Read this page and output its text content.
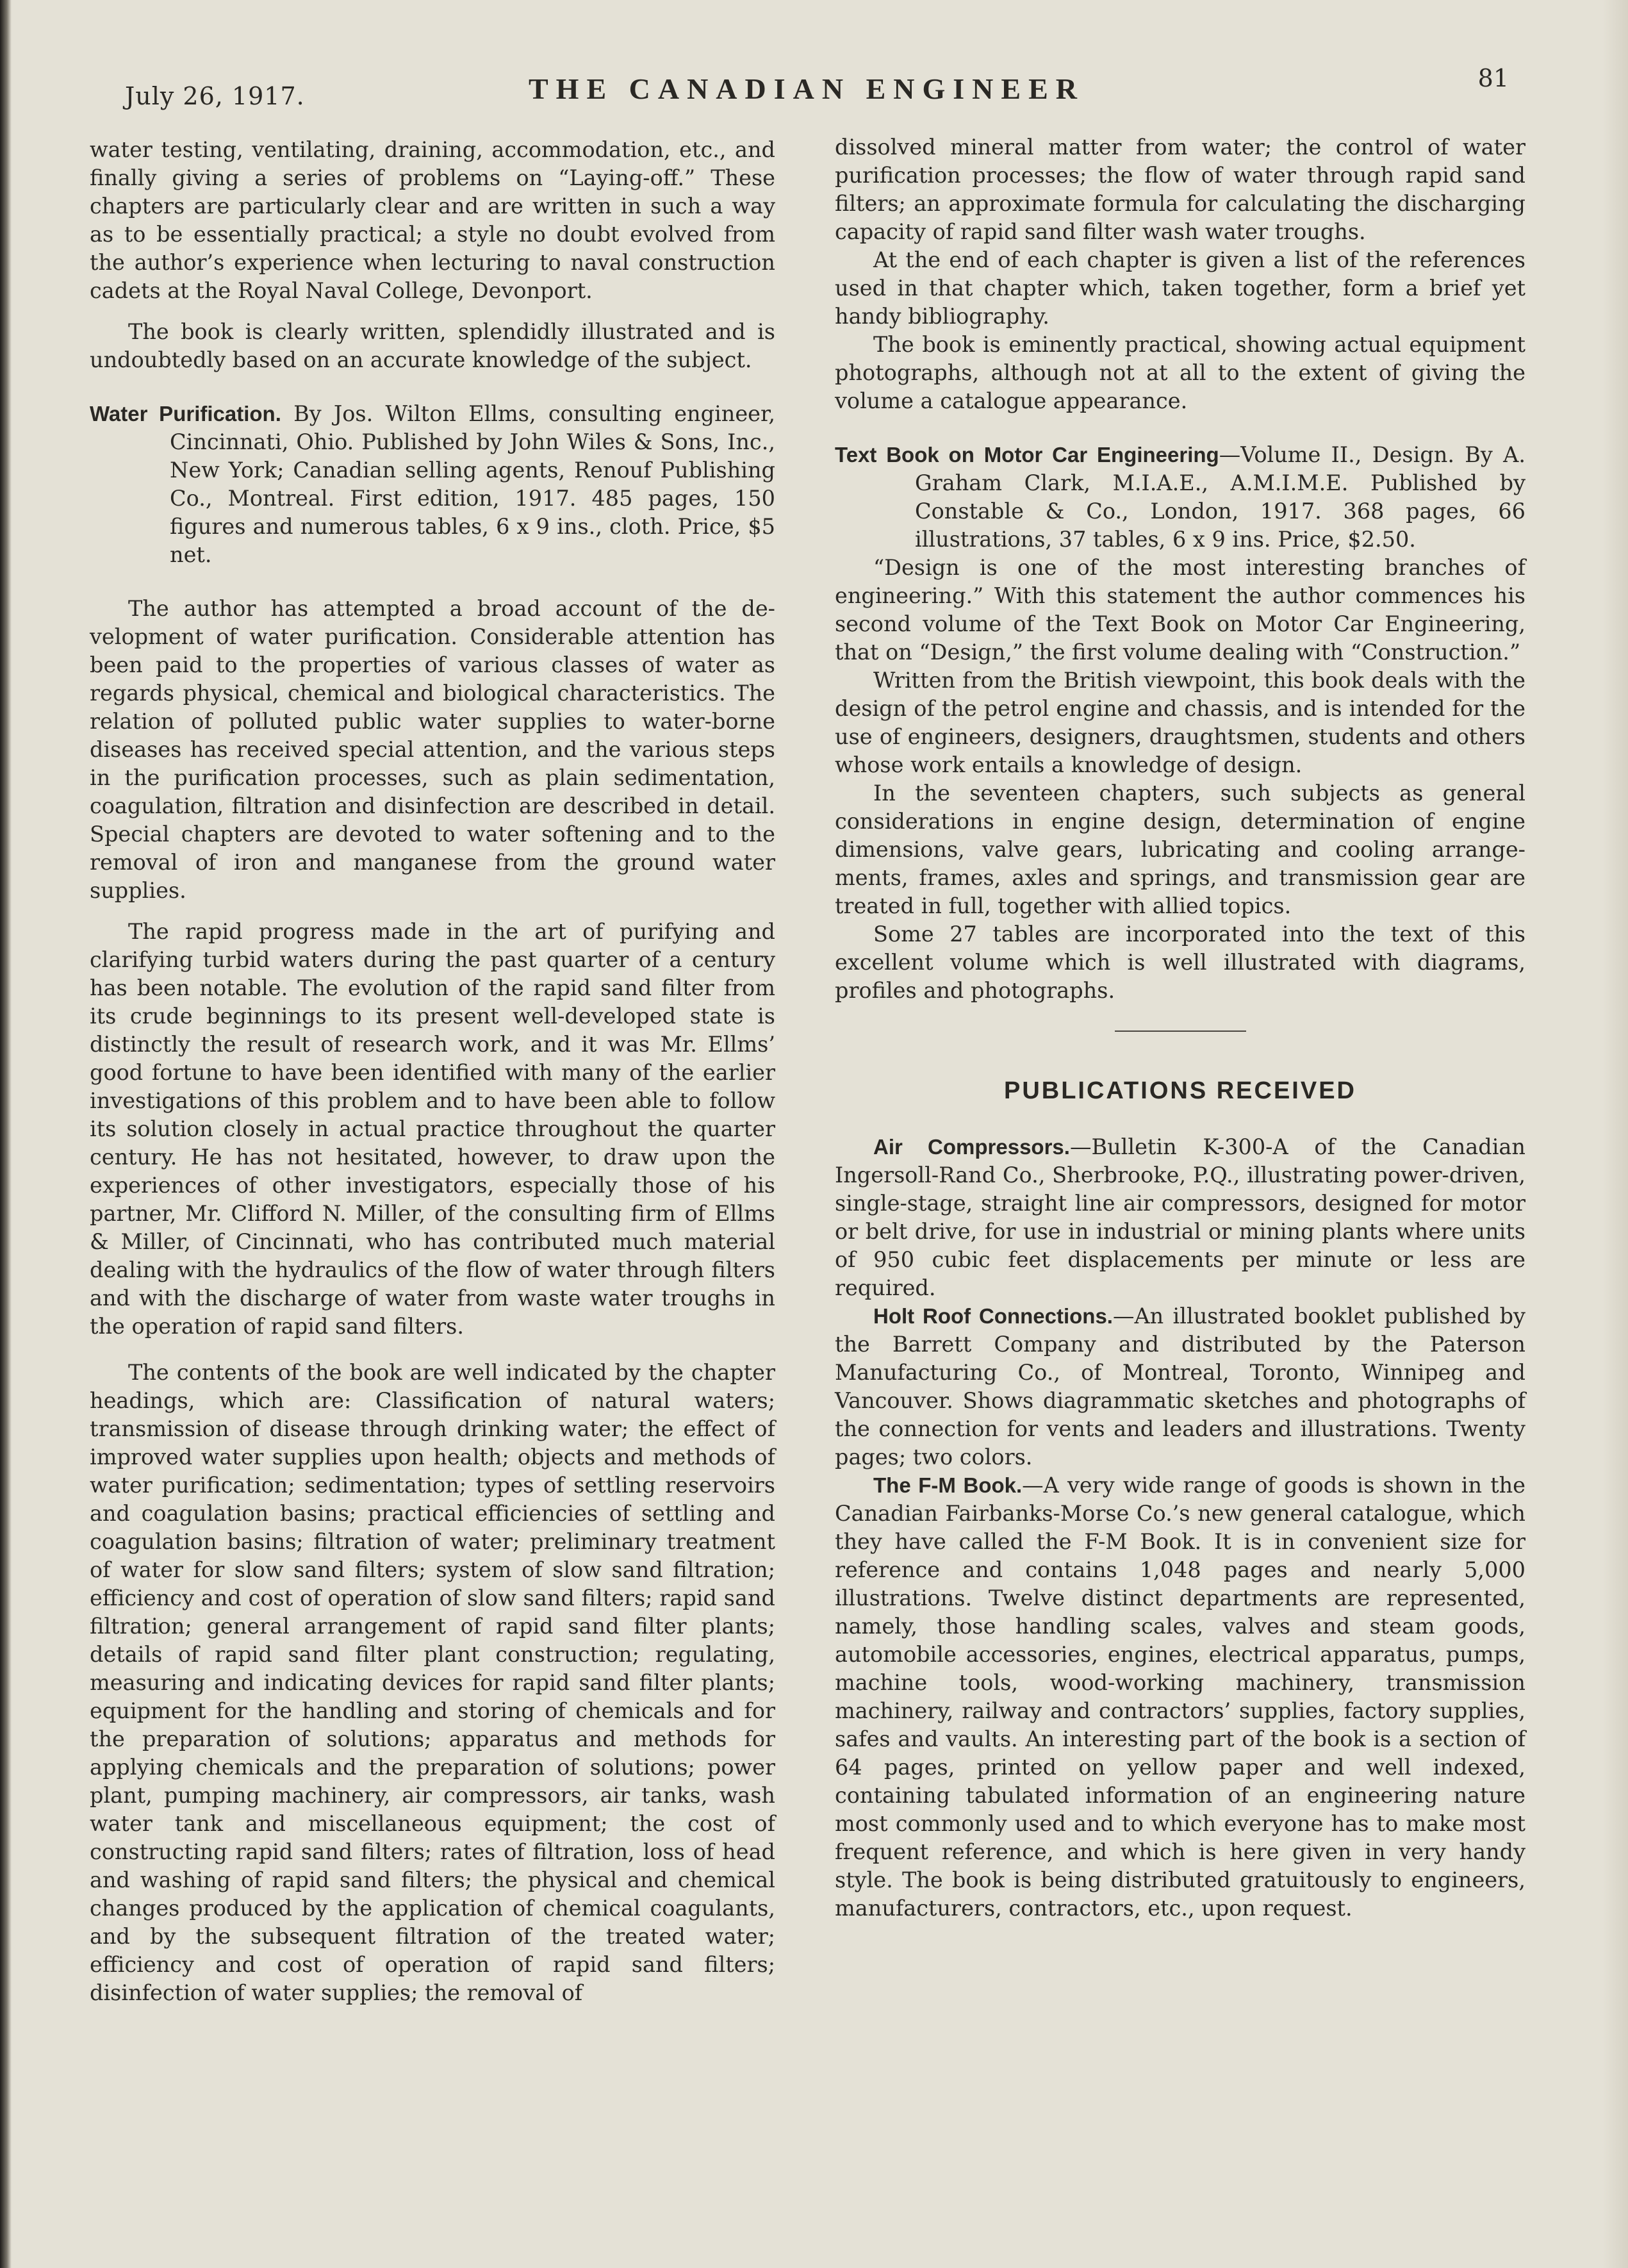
July 26, 1917.	THE CANADIAN ENGINEER	81

water testing, ventilating, draining, accommodation, etc., and finally giving a series of problems on “Laying-off.” These chapters are particularly clear and are written in such a way as to be essentially practical; a style no doubt evolved from the author’s experience when lecturing to naval construction cadets at the Royal Naval College, Devonport.

The book is clearly written, splendidly illustrated and is undoubtedly based on an accurate knowledge of the subject.

Water Purification. By Jos. Wilton Ellms, consulting engineer, Cincinnati, Ohio. Published by John Wiles & Sons, Inc., New York; Canadian selling agents, Renouf Publishing Co., Montreal. First edition, 1917. 485 pages, 150 figures and numerous tables, 6 x 9 ins., cloth. Price, $5 net.

The author has attempted a broad account of the development of water purification. Considerable attention has been paid to the properties of various classes of water as regards physical, chemical and biological characteristics. The relation of polluted public water supplies to water-borne diseases has received special attention, and the various steps in the purification processes, such as plain sedimentation, coagulation, filtration and disinfection are described in detail. Special chapters are devoted to water softening and to the removal of iron and manganese from the ground water supplies.

The rapid progress made in the art of purifying and clarifying turbid waters during the past quarter of a century has been notable. The evolution of the rapid sand filter from its crude beginnings to its present well-developed state is distinctly the result of research work, and it was Mr. Ellms’ good fortune to have been identified with many of the earlier investigations of this problem and to have been able to follow its solution closely in actual practice throughout the quarter century. He has not hesitated, however, to draw upon the experiences of other investigators, especially those of his partner, Mr. Clifford N. Miller, of the consulting firm of Ellms & Miller, of Cincinnati, who has contributed much material dealing with the hydraulics of the flow of water through filters and with the discharge of water from waste water troughs in the operation of rapid sand filters.

The contents of the book are well indicated by the chapter headings, which are: Classification of natural waters; transmission of disease through drinking water; the effect of improved water supplies upon health; objects and methods of water purification; sedimentation; types of settling reservoirs and coagulation basins; practical efficiencies of settling and coagulation basins; filtration of water; preliminary treatment of water for slow sand filters; system of slow sand filtration; efficiency and cost of operation of slow sand filters; rapid sand filtration; general arrangement of rapid sand filter plants; details of rapid sand filter plant construction; regulating, measuring and indicating devices for rapid sand filter plants; equipment for the handling and storing of chemicals and for the preparation of solutions; apparatus and methods for applying chemicals and the preparation of solutions; power plant, pumping machinery, air compressors, air tanks, wash water tank and miscellaneous equipment; the cost of constructing rapid sand filters; rates of filtration, loss of head and washing of rapid sand filters; the physical and chemical changes produced by the application of chemical coagulants, and by the subsequent filtration of the treated water; efficiency and cost of operation of rapid sand filters; disinfection of water supplies; the removal of

dissolved mineral matter from water; the control of water purification processes; the flow of water through rapid sand filters; an approximate formula for calculating the discharging capacity of rapid sand filter wash water troughs.

At the end of each chapter is given a list of the references used in that chapter which, taken together, form a brief yet handy bibliography.

The book is eminently practical, showing actual equipment photographs, although not at all to the extent of giving the volume a catalogue appearance.

Text Book on Motor Car Engineering—Volume II., Design. By A. Graham Clark, M.I.A.E., A.M.I.M.E. Published by Constable & Co., London, 1917. 368 pages, 66 illustrations, 37 tables, 6 x 9 ins. Price, $2.50.

“Design is one of the most interesting branches of engineering.” With this statement the author commences his second volume of the Text Book on Motor Car Engineering, that on “Design,” the first volume dealing with “Construction.”

Written from the British viewpoint, this book deals with the design of the petrol engine and chassis, and is intended for the use of engineers, designers, draughtsmen, students and others whose work entails a knowledge of design.

In the seventeen chapters, such subjects as general considerations in engine design, determination of engine dimensions, valve gears, lubricating and cooling arrangements, frames, axles and springs, and transmission gear are treated in full, together with allied topics.

Some 27 tables are incorporated into the text of this excellent volume which is well illustrated with diagrams, profiles and photographs.

PUBLICATIONS RECEIVED

Air Compressors.—Bulletin K-300-A of the Canadian Ingersoll-Rand Co., Sherbrooke, P.Q., illustrating power-driven, single-stage, straight line air compressors, designed for motor or belt drive, for use in industrial or mining plants where units of 950 cubic feet displacements per minute or less are required.

Holt Roof Connections.—An illustrated booklet published by the Barrett Company and distributed by the Paterson Manufacturing Co., of Montreal, Toronto, Winnipeg and Vancouver. Shows diagrammatic sketches and photographs of the connection for vents and leaders and illustrations. Twenty pages; two colors.

The F-M Book.—A very wide range of goods is shown in the Canadian Fairbanks-Morse Co.’s new general catalogue, which they have called the F-M Book. It is in convenient size for reference and contains 1,048 pages and nearly 5,000 illustrations. Twelve distinct departments are represented, namely, those handling scales, valves and steam goods, automobile accessories, engines, electrical apparatus, pumps, machine tools, wood-working machinery, transmission machinery, railway and contractors’ supplies, factory supplies, safes and vaults. An interesting part of the book is a section of 64 pages, printed on yellow paper and well indexed, containing tabulated information of an engineering nature most commonly used and to which everyone has to make most frequent reference, and which is here given in very handy style. The book is being distributed gratuitously to engineers, manufacturers, contractors, etc., upon request.
